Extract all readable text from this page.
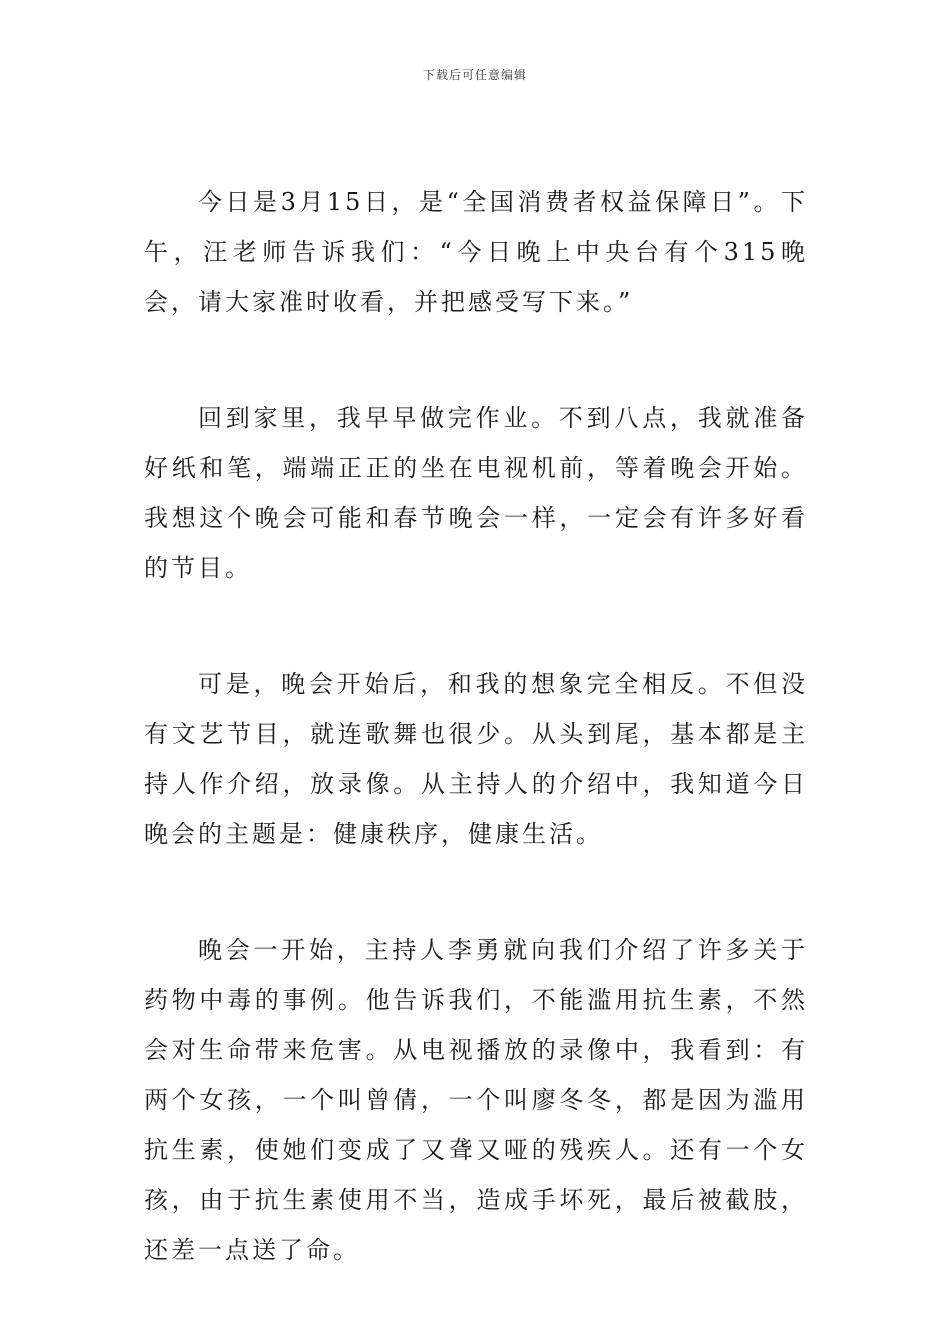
下载后可任意编辑

今日是3月15日，是“全国消费者权益保障日”。下午，汪老师告诉我们：“今日晚上中央台有个315晚会，请大家准时收看，并把感受写下来。”

回到家里，我早早做完作业。不到八点，我就准备好纸和笔，端端正正的坐在电视机前，等着晚会开始。我想这个晚会可能和春节晚会一样，一定会有许多好看的节目。

可是，晚会开始后，和我的想象完全相反。不但没有文艺节目，就连歌舞也很少。从头到尾，基本都是主持人作介绍，放录像。从主持人的介绍中，我知道今日晚会的主题是：健康秩序，健康生活。

晚会一开始，主持人李勇就向我们介绍了许多关于药物中毒的事例。他告诉我们，不能滥用抗生素，不然会对生命带来危害。从电视播放的录像中，我看到：有两个女孩，一个叫曾倩，一个叫廖冬冬，都是因为滥用抗生素，使她们变成了又聋又哑的残疾人。还有一个女孩，由于抗生素使用不当，造成手坏死，最后被截肢，还差一点送了命。
